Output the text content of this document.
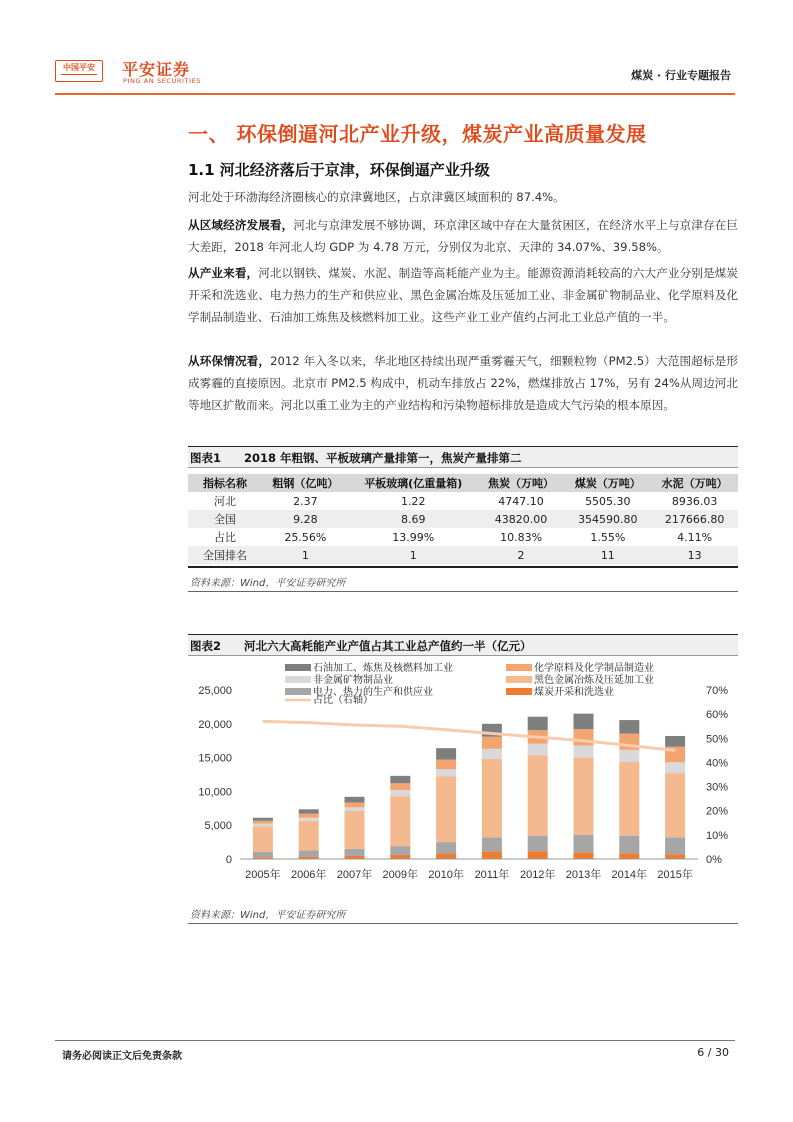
中国平安	平安证券
PING AN SECURITIES	煤炭 · 行业专题报告
一、 环保倒逼河北产业升级，煤炭产业高质量发展
1.1 河北经济落后于京津，环保倒逼产业升级
河北处于环渤海经济圈核心的京津冀地区，占京津冀区域面积的 87.4%。
从区域经济发展看，河北与京津发展不够协调，环京津区域中存在大量贫困区，在经济水平上与京津存在巨大差距，2018 年河北人均 GDP 为 4.78 万元，分别仅为北京、天津的 34.07%、39.58%。
从产业来看，河北以钢铁、煤炭、水泥、制造等高耗能产业为主。能源资源消耗较高的六大产业分别是煤炭开采和洗选业、电力热力的生产和供应业、黑色金属冶炼及压延加工业、非金属矿物制品业、化学原料及化学制品制造业、石油加工炼焦及核燃料加工业。这些产业工业产值约占河北工业总产值的一半。
从环保情况看，2012 年入冬以来，华北地区持续出现严重雾霾天气，细颗粒物（PM2.5）大范围超标是形成雾霾的直接原因。北京市 PM2.5 构成中，机动车排放占 22%，燃煤排放占 17%，另有 24%从周边河北等地区扩散而来。河北以重工业为主的产业结构和污染物超标排放是造成大气污染的根本原因。
图表1 2018 年粗钢、平板玻璃产量排第一，焦炭产量排第二
指标名称	粗钢（亿吨）	平板玻璃(亿重量箱)	焦炭（万吨）	煤炭（万吨）	水泥（万吨）
河北	2.37	1.22	4747.10	5505.30	8936.03
全国	9.28	8.69	43820.00	354590.80	217666.80
占比	25.56%	13.99%	10.83%	1.55%	4.11%
全国排名	1	1	2	11	13
资料来源：Wind，平安证券研究所
图表2 河北六大高耗能产业产值占其工业总产值约一半（亿元）
0
5,000
10,000
15,000
20,000
25,000
0%
10%
20%
30%
40%
50%
60%
70%
2005年 2006年 2007年 2009年 2010年 2011年 2012年 2013年 2014年 2015年
石油加工、炼焦及核燃料加工业	化学原料及化学制品制造业
非金属矿物制品业	黑色金属冶炼及压延加工业
电力、热力的生产和供应业	煤炭开采和洗选业
占比（右轴）
资料来源：Wind，平安证券研究所
请务必阅读正文后免责条款	6 / 30
